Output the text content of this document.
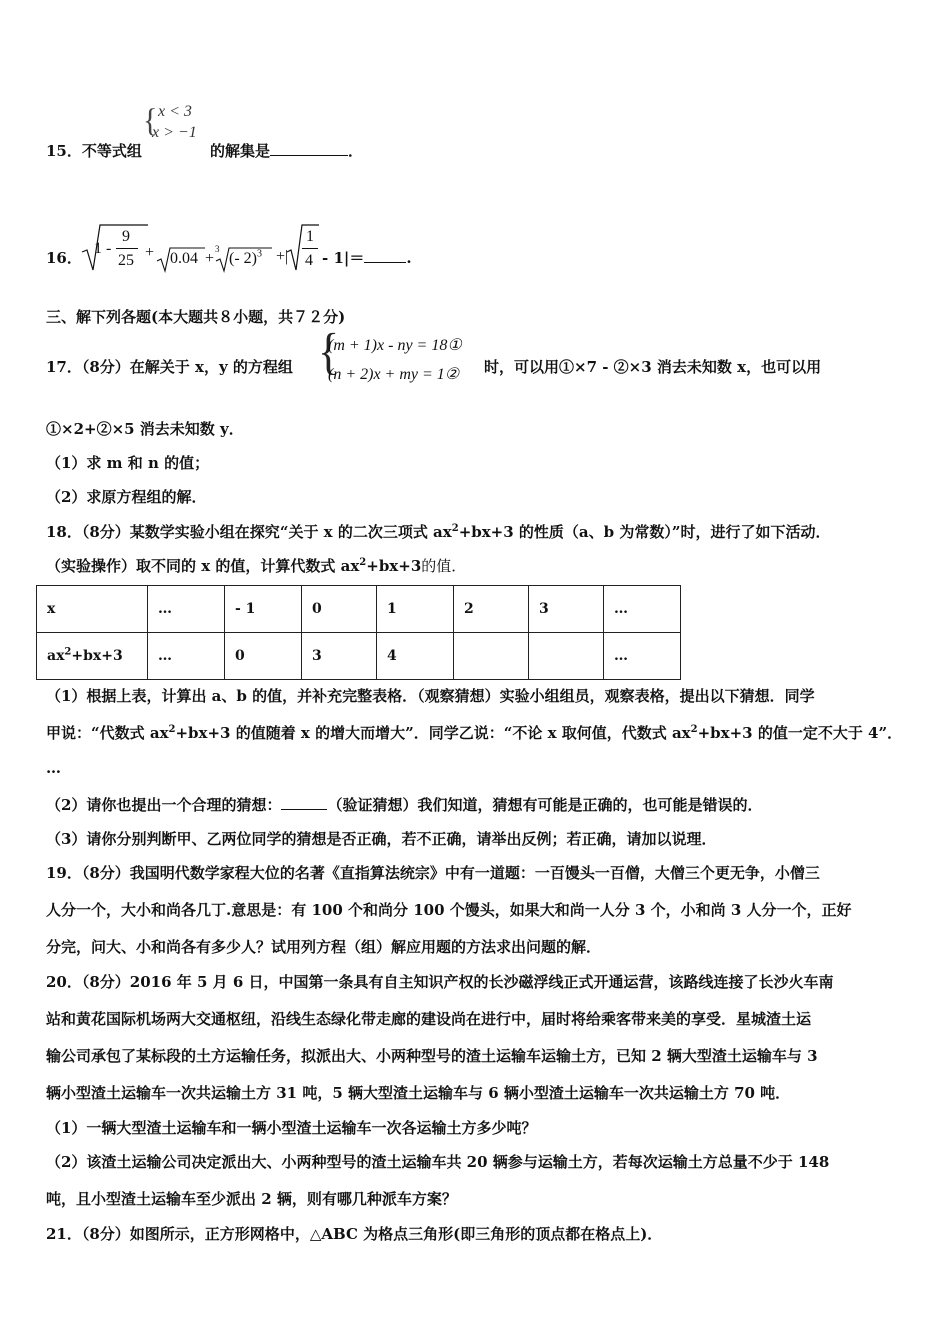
15．不等式组
{ x < 3
x > −1
的解集是	．
16．
1 -
9
25 + 0.04 +
3
(- 2)$^3$ +|
1
4 - 1|＝	.
三、解下列各题(本大题共８小题，共７２分)
17．（8分）在解关于 x，y 的方程组 {
(m + 1)x - ny = 18①
(n + 2)x + my = 1② 时，可以用①×7 - ②×3 消去未知数 x，也可以用
①×2+②×5 消去未知数 y．
（1）求 m 和 n 的值；
（2）求原方程组的解．
18．（8分）某数学实验小组在探究“关于 x 的二次三项式 $ax^2+bx+3$ 的性质（a、b 为常数）”时，进行了如下活动．
（实验操作）取不同的 x 的值，计算代数式 $ax^2+bx+3$的值．
x	…	- 1	0	1	2	3	…
$ax^2+bx+3$	…	0	3	4			…
（1）根据上表，计算出 a、b 的值，并补充完整表格．（观察猜想）实验小组组员，观察表格，提出以下猜想．同学
甲说：“代数式 $ax^2+bx+3$ 的值随着 x 的增大而增大”．同学乙说：“不论 x 取何值，代数式 $ax^2+bx+3$ 的值一定不大于 4”．
…
（2）请你也提出一个合理的猜想：	（验证猜想）我们知道，猜想有可能是正确的，也可能是错误的．
（3）请你分别判断甲、乙两位同学的猜想是否正确，若不正确，请举出反例；若正确，请加以说理．
19．（8分）我国明代数学家程大位的名著《直指算法统宗》中有一道题：一百馒头一百僧，大僧三个更无争，小僧三
人分一个，大小和尚各几丁.意思是：有 100 个和尚分 100 个馒头，如果大和尚一人分 3 个，小和尚 3 人分一个，正好
分完，问大、小和尚各有多少人？试用列方程（组）解应用题的方法求出问题的解．
20．（8分）2016 年 5 月 6 日，中国第一条具有自主知识产权的长沙磁浮线正式开通运营，该路线连接了长沙火车南
站和黄花国际机场两大交通枢纽，沿线生态绿化带走廊的建设尚在进行中，届时将给乘客带来美的享受．星城渣土运
输公司承包了某标段的土方运输任务，拟派出大、小两种型号的渣土运输车运输土方，已知 2 辆大型渣土运输车与 3
辆小型渣土运输车一次共运输土方 31 吨，5 辆大型渣土运输车与 6 辆小型渣土运输车一次共运输土方 70 吨．
（1）一辆大型渣土运输车和一辆小型渣土运输车一次各运输土方多少吨？
（2）该渣土运输公司决定派出大、小两种型号的渣土运输车共 20 辆参与运输土方，若每次运输土方总量不少于 148
吨，且小型渣土运输车至少派出 2 辆，则有哪几种派车方案？
21．（8分）如图所示，正方形网格中，△ABC 为格点三角形(即三角形的顶点都在格点上)．
